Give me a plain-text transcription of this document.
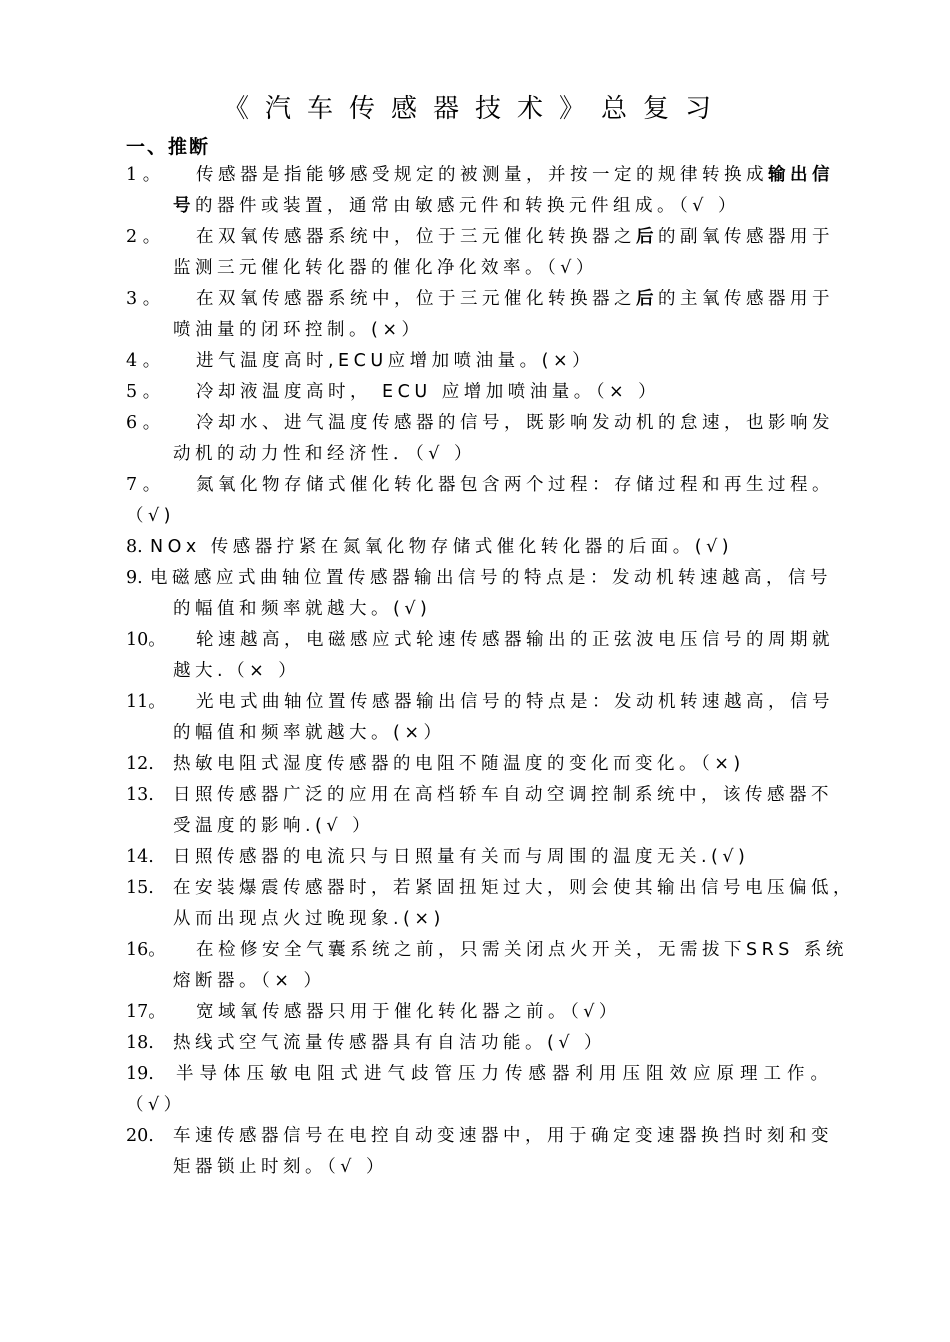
《汽车传感器技术》总复习
一、推断
1 。 传感器是指能够感受规定的被测量，并按一定的规律转换成输出信
号的器件或装置，通常由敏感元件和转换元件组成。（√ ）
2 。 在双氧传感器系统中，位于三元催化转换器之后的副氧传感器用于
监测三元催化转化器的催化净化效率。（√）
3 。 在双氧传感器系统中，位于三元催化转换器之后的主氧传感器用于
喷油量的闭环控制。(×）
4 。 进气温度高时,ECU应增加喷油量。(×）
5 。 冷却液温度高时， ECU 应增加喷油量。（× ）
6 。 冷却水、进气温度传感器的信号，既影响发动机的怠速，也影响发
动机的动力性和经济性．（√ ）
7 。 氮氧化物存储式催化转化器包含两个过程：存储过程和再生过程。
（√)
8. NOx 传感器拧紧在氮氧化物存储式催化转化器的后面。(√)
9. 电磁感应式曲轴位置传感器输出信号的特点是：发动机转速越高，信号
的幅值和频率就越大。(√)
10。 轮速越高，电磁感应式轮速传感器输出的正弦波电压信号的周期就
越大.（× ）
11。 光电式曲轴位置传感器输出信号的特点是：发动机转速越高，信号
的幅值和频率就越大。(×）
12. 热敏电阻式湿度传感器的电阻不随温度的变化而变化。（×)
13. 日照传感器广泛的应用在高档轿车自动空调控制系统中，该传感器不
受温度的影响.(√ ）
14. 日照传感器的电流只与日照量有关而与周围的温度无关.(√)
15. 在安装爆震传感器时，若紧固扭矩过大，则会使其输出信号电压偏低，
从而出现点火过晚现象.(×)
16。 在检修安全气囊系统之前，只需关闭点火开关，无需拔下SRS 系统
熔断器。（× ）
17。 宽域氧传感器只用于催化转化器之前。（√）
18. 热线式空气流量传感器具有自洁功能。(√ ）
19. 半导体压敏电阻式进气歧管压力传感器利用压阻效应原理工作。
（√）
20. 车速传感器信号在电控自动变速器中，用于确定变速器换挡时刻和变
矩器锁止时刻。（√ ）
